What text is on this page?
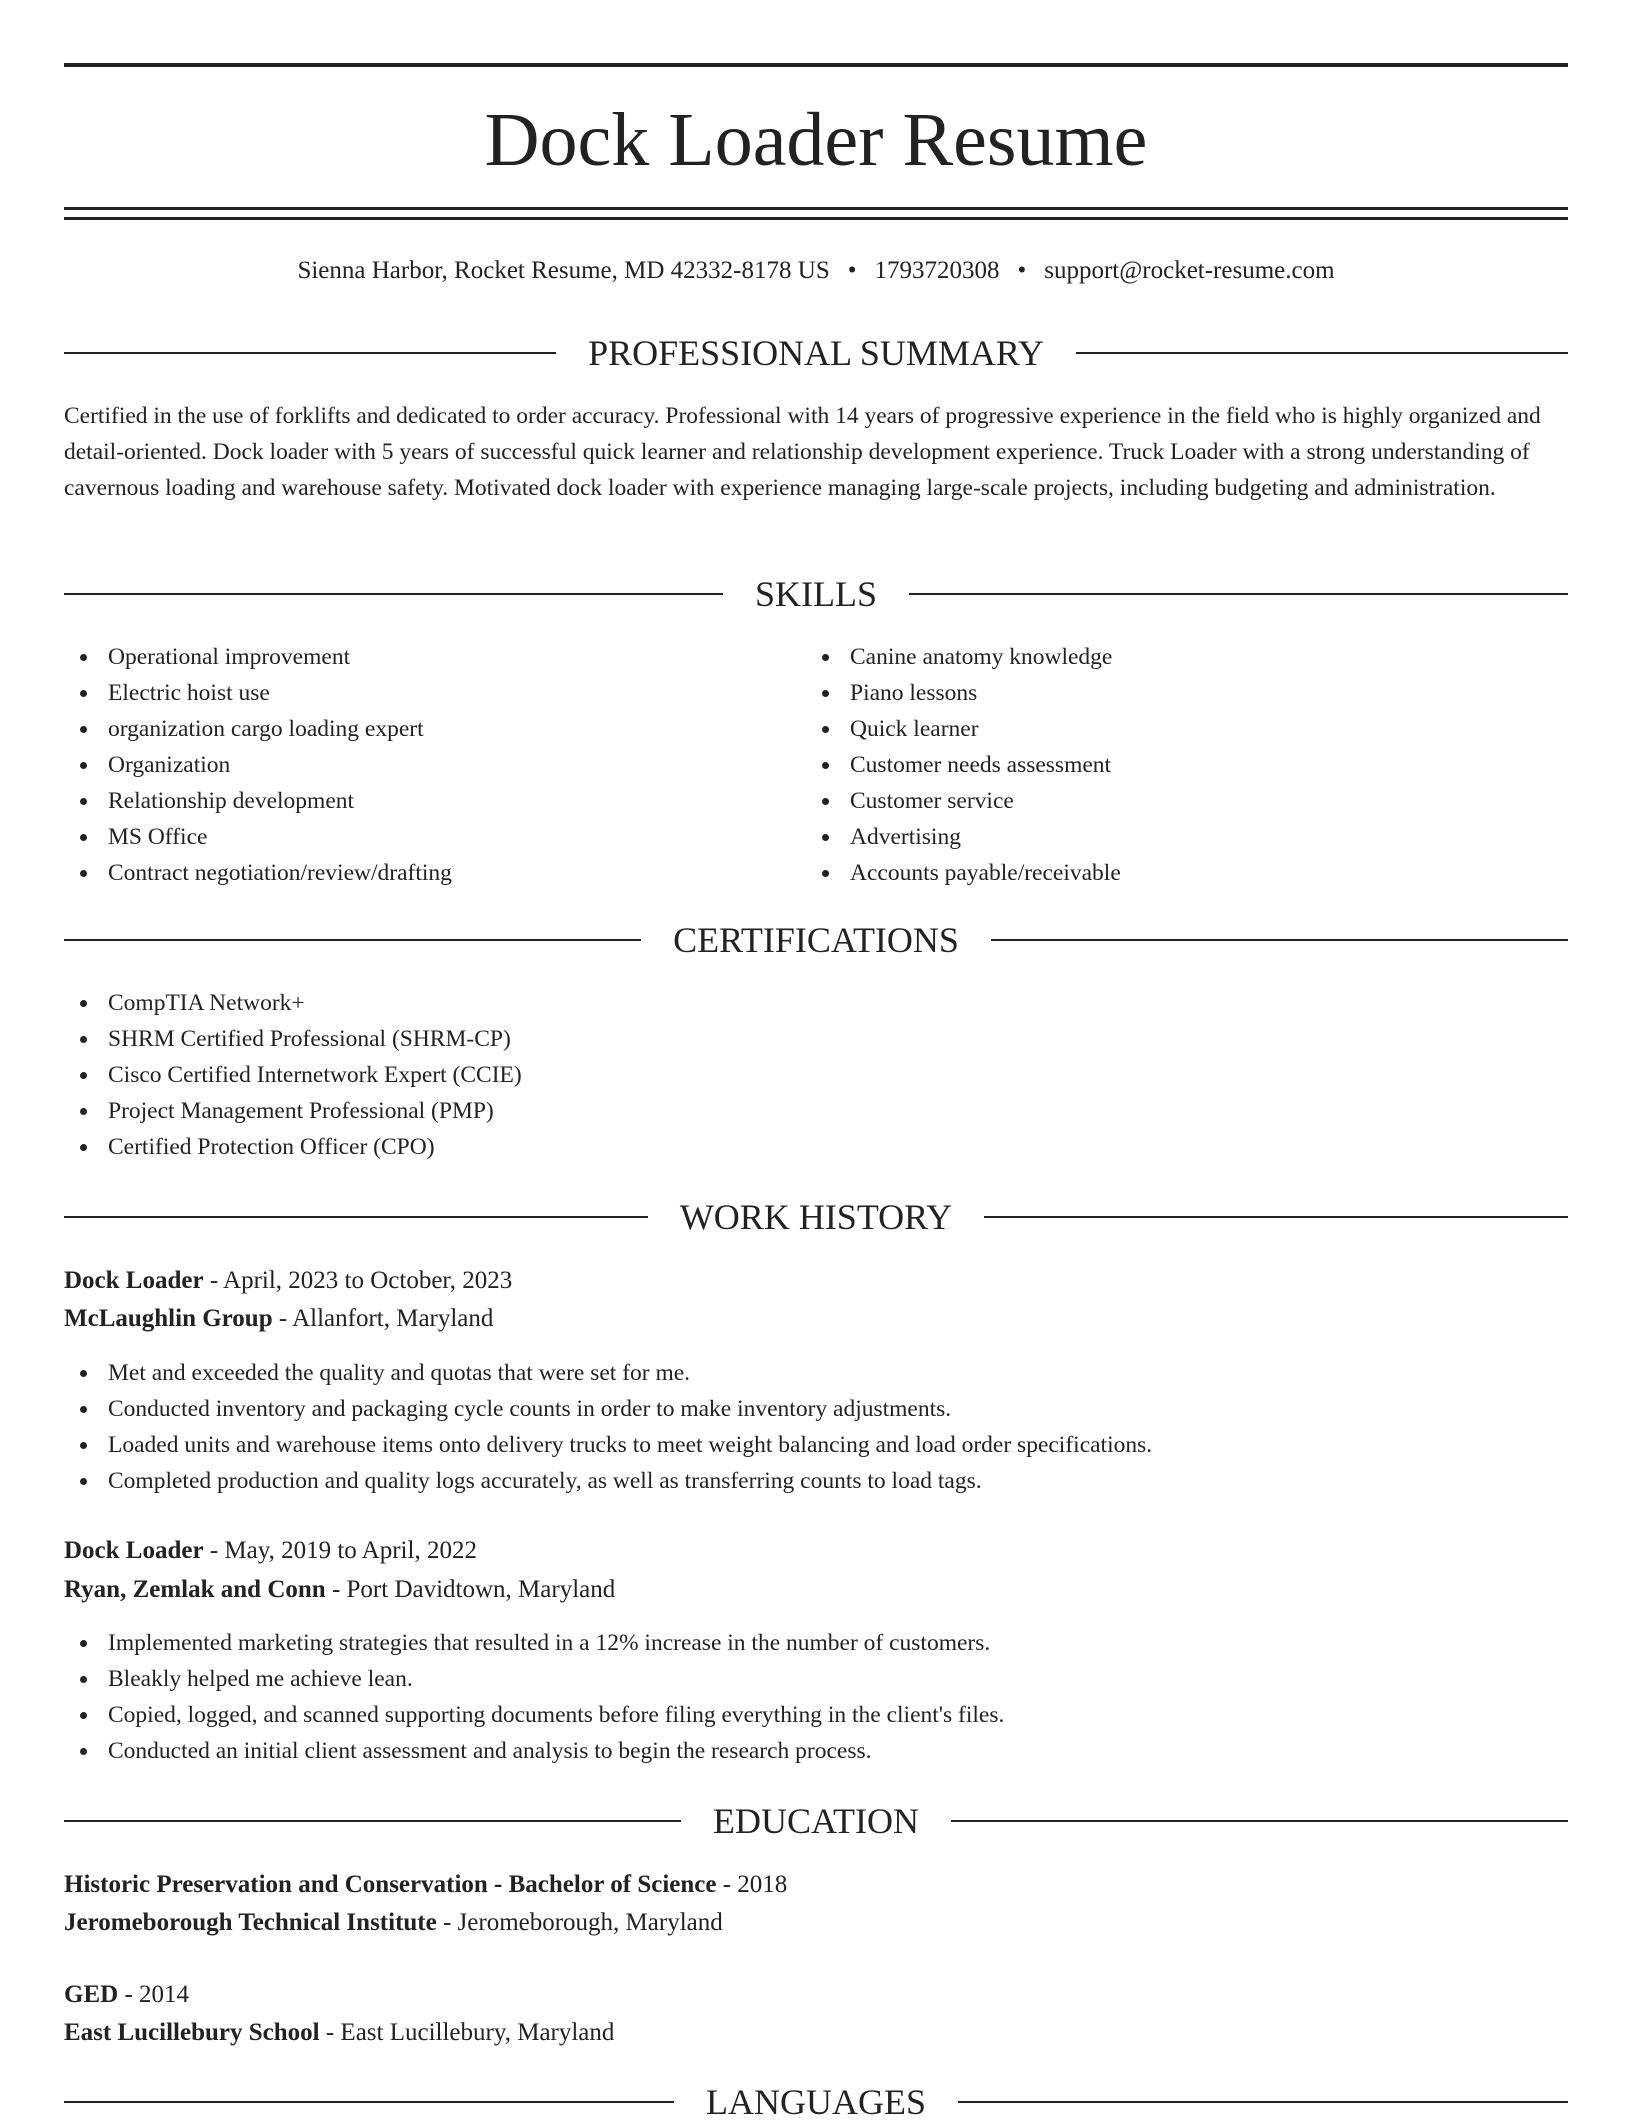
Dock Loader Resume
Sienna Harbor, Rocket Resume, MD 42332-8178 US • 1793720308 • support@rocket-resume.com
PROFESSIONAL SUMMARY

Certified in the use of forklifts and dedicated to order accuracy. Professional with 14 years of progressive experience in the field who is highly organized and detail-oriented. Dock loader with 5 years of successful quick learner and relationship development experience. Truck Loader with a strong understanding of cavernous loading and warehouse safety. Motivated dock loader with experience managing large-scale projects, including budgeting and administration.

SKILLS
Operational improvement
Electric hoist use
organization cargo loading expert
Organization
Relationship development
MS Office
Contract negotiation/review/drafting
Canine anatomy knowledge
Piano lessons
Quick learner
Customer needs assessment
Customer service
Advertising
Accounts payable/receivable
CERTIFICATIONS
CompTIA Network+
SHRM Certified Professional (SHRM-CP)
Cisco Certified Internetwork Expert (CCIE)
Project Management Professional (PMP)
Certified Protection Officer (CPO)
WORK HISTORY
Dock Loader - April, 2023 to October, 2023
McLaughlin Group - Allanfort, Maryland
Met and exceeded the quality and quotas that were set for me.
Conducted inventory and packaging cycle counts in order to make inventory adjustments.
Loaded units and warehouse items onto delivery trucks to meet weight balancing and load order specifications.
Completed production and quality logs accurately, as well as transferring counts to load tags.
Dock Loader - May, 2019 to April, 2022
Ryan, Zemlak and Conn - Port Davidtown, Maryland
Implemented marketing strategies that resulted in a 12% increase in the number of customers.
Bleakly helped me achieve lean.
Copied, logged, and scanned supporting documents before filing everything in the client's files.
Conducted an initial client assessment and analysis to begin the research process.
EDUCATION
Historic Preservation and Conservation - Bachelor of Science - 2018
Jeromeborough Technical Institute - Jeromeborough, Maryland
GED - 2014
East Lucillebury School - East Lucillebury, Maryland
LANGUAGES
